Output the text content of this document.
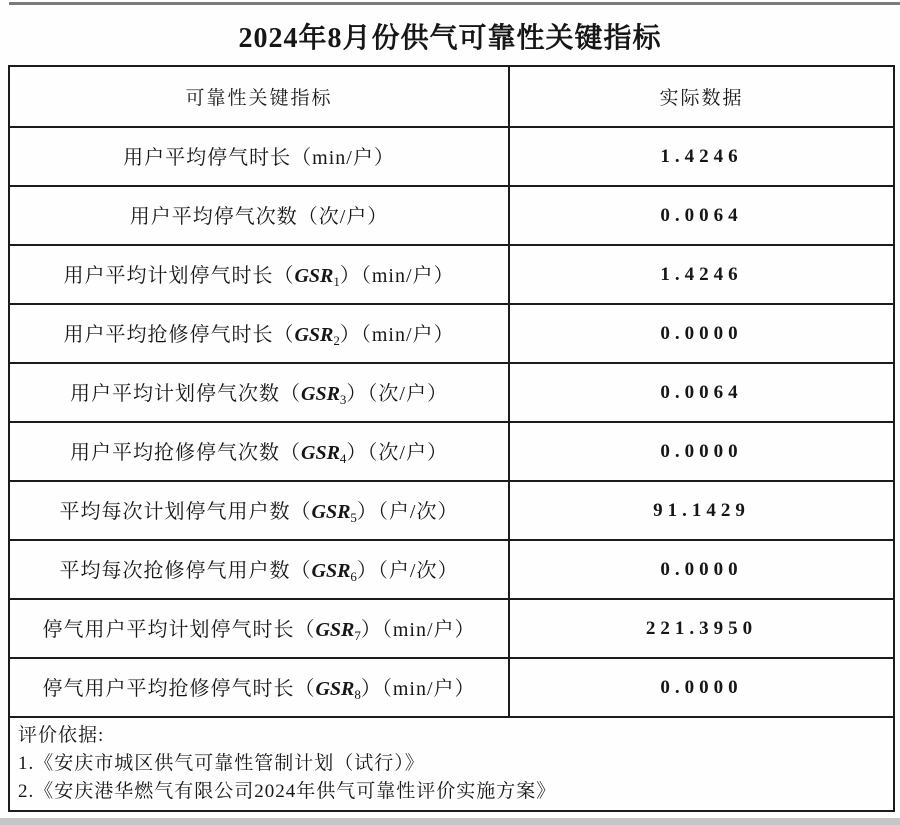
2024年8月份供气可靠性关键指标
可靠性关键指标	实际数据
用户平均停气时长（min/户）	1.4246
用户平均停气次数（次/户）	0.0064
用户平均计划停气时长$(GSR_1)(\min/$户）	1.4246
用户平均抢修停气时长$(GSR_2)(\min/$户）	0.0000
用户平均计划停气次数$(GSR_3)$（次/户）	0.0064
用户平均抢修停气次数$(GSR_4)$（次/户）	0.0000
平均每次计划停气用户数$(GSR_5)$（户/次）	91.1429
平均每次抢修停气用户数$(GSR_6)$（户/次）	0.0000
停气用户平均计划停气时长$(GSR_7)(\min/$户）	221.3950
停气用户平均抢修停气时长$(GSR_8)(\min/$户）	0.0000

评价依据:
1.《安庆市城区供气可靠性管制计划（试行）》
2.《安庆港华燃气有限公司2024年供气可靠性评价实施方案》	
